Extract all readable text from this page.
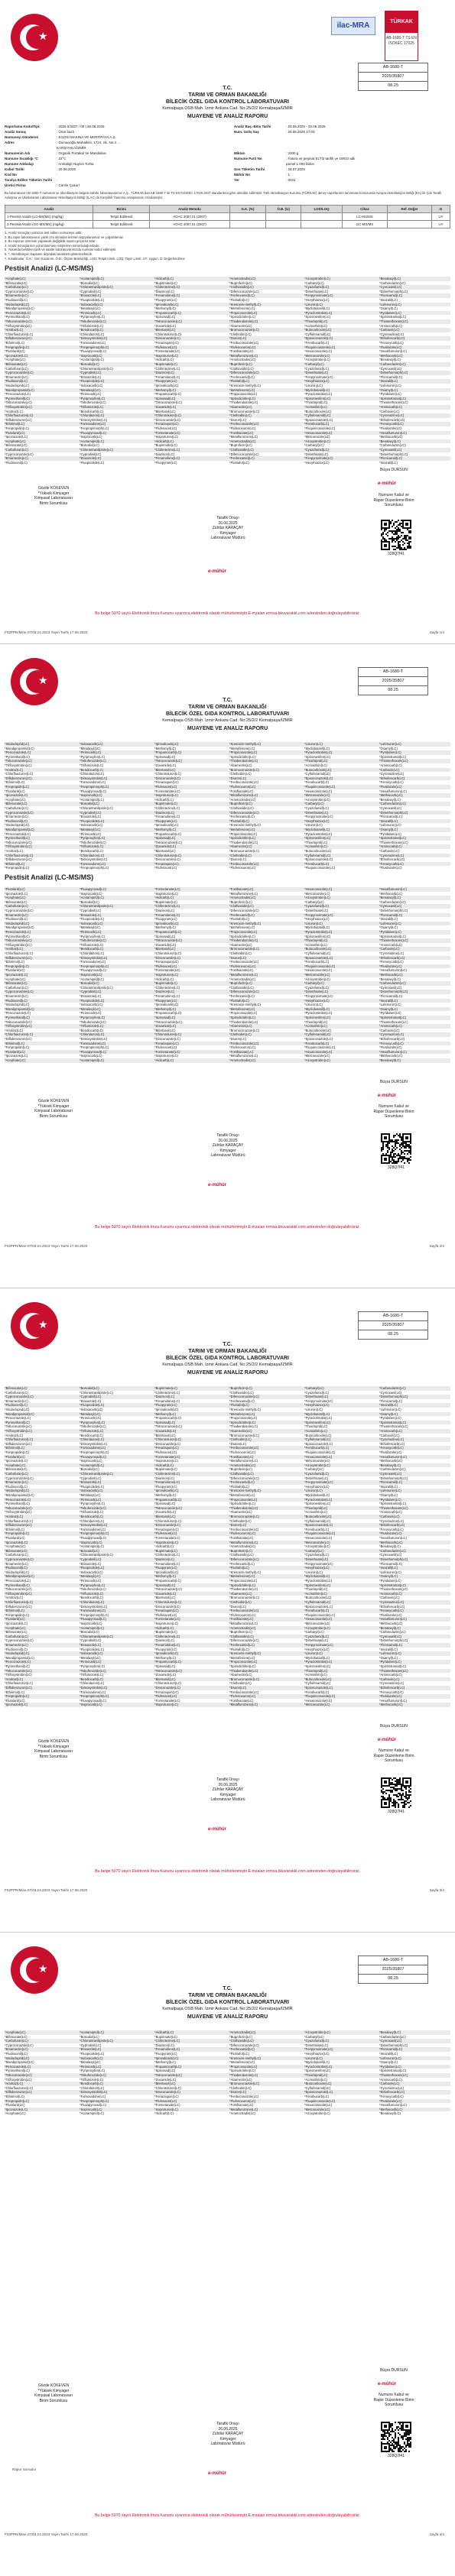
★
ilac-MRA	TÜRKAK
AB-1680-T TS EN ISO/IEC 17025
AB-1680-T
2025/35807
08.25
T.C.
TARIM VE ORMAN BAKANLIĞI
BİLECİK ÖZEL GIDA KONTROL LABORATUVARI
Kemalpaşa OSB Mah. İzmir Ankara Cad. No:25/2/2 Kemalpaşa/İZMİR
MUAYENE VE ANALİZ RAPORU
Raporlama Kodu/Tipi:	: 2025.0/3227 / 00 | 26.06.2025
Analiz Sonuç	: Ürün bazlı
Numuneyi Gönderen	: EGOSİ MAKINA VE MERTİPAYA A.Ş.
Adres	: Dumanoğlu Mahallesi, 1724. Sk. No:4 ...
KARŞIYAKA/İZMİR
Numunenin Adı	: Organik Portakal Ve Mandalina
Numune Sıcaklığı °C	: 22°C
Numune Ambalajı	: Ambalajlı Naylon Torba
Kabul Tarihi	: 20.06.2025
Kod No	:
Tarafça Edilen Tüketim Tarihi :
Üretici Firma	: Cümle Çukurl
Analiz Baş.-Bitiş Tarihi	: 20.06.2025 - 25.06.2025
Num. Geliş Saş	: 20.06.2025 17:03
Miktarı	: 2000 g
Numune Parti No	: Fatura ve peşinat ELTİ2 tarihli ve 18910 adlı
parsel 1.000 bidon
Son Tüketim Tarihi	: 26.07.2025
Mühür No	: 1
Yer	: 0022
Bu laboratuvar AB-1680-T numaralı ve akreditasyon belgesi sahibi, laboratuvarımız A.Ş., TÜRKAK'dan AB-1680-T ile TS EN ISO/IEC 17025:2017 standardına göre akredite edilmiştir. Türk Akreditasyon Kurumu (TÜRKAK) deney raporlarının tanınması konusunda Avrupa Akreditasyon Birliği (EA) ile Çok Taraflı Anlaşma ve Uluslararası Laboratuvar Akreditasyon Birliği (ILAC) ile Karşılıklı Tanınma Anlaşmasını imzalamıştır.
Analiz	Birimi	Analiz Metodu	G.K. (%)	Ö.B. (U)	LOD/LOQ	Cihaz	Ref. Değer	D
1-Pestisit Analizi (LC-MS/MS) (mg/kg)	Tespit Edilmedi	AOAC 2007.01 (2007)				LC-MS/MS		UY
2-Pestisit Analizi (GC-MS/MS) (mg/kg)	Tespit Edilmedi	AOAC 2007.01 (2007)				GC-MS/MS		UY
1. Analiz sonuçları yalnızca test edilen numuneye aittir.
2. Bu rapor laboratuvarın yazılı izni olmadan kısmen kopyalanamaz ve çoğaltılamaz.
3. Bu raporun üzerinde yapılacak değişiklik raporu geçersiz kılar.
4. Analiz sonuçlarının yorumlanması müşterinin sorumluluğundadır.
5. Yukarıda belirtilen tarih ve saatte laboratuvarımızda numune kabul edilmiştir.
6. *: Akreditasyon kapsamı dışındaki analizleri göstermektedir.
7. Kısaltmalar: G.K.: Geri Kazanım, Ö.B.: Ölçüm Belirsizliği, LOD: Tespit Limiti, LOQ: Tayin Limiti, UY: Uygun, D: Değerlendirme
Pestisit Analizi (LC-MS/MS)
*Acephate(LC)	*Acetamiprid(LC)	*Aldicarb(LC)	*Ametoctradin(LC)	*Azoxystrobin(LC)	*Benalaxyl(LC)
*Bifenazate(LC)	*Boscalid(LC)	*Bupirimate(LC)	*Buprofezin(LC)	*Carbaryl(LC)	*Carbendazim(LC)
*Carbofuran(LC)	*Chlorantraniliprole(LC)	*Clofentezine(LC)	*Clothianidin(LC)	*Cyazofamid(LC)	*Cymoxanil(LC)
*Cyproconazole(LC)	*Cyprodinil(LC)	*Diazinon(LC)	*Difenoconazole(LC)	*Dimethoate(LC)	*Dimethomorph(LC)
*Emamectin(LC)	*Etoxazole(LC)	*Fenamidone(LC)	*Fenhexamid(LC)	*Fenpyroximate(LC)	*Flonicamid(LC)
*Fludioxonil(LC)	*Fluopicolide(LC)	*Fluopyram(LC)	*Flutriafol(LC)	*Hexythiazox(LC)	*Imazalil(LC)
*Imidacloprid(LC)	*Indoxacarb(LC)	*Iprovalicarb(LC)	*Kresoxim-methyl(LC)	*Linuron(LC)	*Lufenuron(LC)
*Mandipropamid(LC)	*Metalaxyl(LC)	*Methomyl(LC)	*Metrafenone(LC)	*Myclobutanil(LC)	*Oxamyl(LC)
*Penconazole(LC)	*Pirimicarb(LC)	*Propamocarb(LC)	*Propiconazole(LC)	*Pyraclostrobin(LC)	*Pyridaben(LC)
*Pyrimethanil(LC)	*Pyriproxyfen(LC)	*Spinosad(LC)	*Spirodiclofen(LC)	*Spiromesifen(LC)	*Spirotetramat(LC)
*Tebuconazole(LC)	*Tebufenozide(LC)	*Tetraconazole(LC)	*Thiabendazole(LC)	*Thiacloprid(LC)	*Thiamethoxam(LC)
*Trifloxystrobin(LC)	*Triflumizole(LC)	*Zoxamide(LC)	*Abamectin(LC)	*Acrinathrin(LC)	*Aminocarb(LC)
*Amitraz(LC)	*Bendiocarb(LC)	*Bitertanol(LC)	*Bromuconazole(LC)	*Butocarboxim(LC)	*Carboxin(LC)
*Chlorfluazuron(LC)	*Chloridazon(LC)	*Chlorotoluron(LC)	*Clethodim(LC)	*Cyflufenamid(LC)	*Cyromazine(LC)
*Diflubenzuron(LC)	*Dimoxystrobin(LC)	*Diniconazole(LC)	*Diuron(LC)	*Epoxiconazole(LC)	*Ethiofencarb(LC)
*Ethirimol(LC)	*Famoxadone(LC)	*Fenazaquin(LC)	*Fenbuconazole(LC)	*Fenobucarb(LC)	*Fenoxycarb(LC)
*Fenpropidin(LC)	*Fenpropimorph(LC)	*Flufenacet(LC)	*Flufenoxuron(LC)	*Fluquinconazole(LC)	*Flusilazole(LC)
*Flutolanil(LC)	*Fluxapyroxad(LC)	*Formetanate(LC)	*Fosthiazate(LC)	*Hexaconazole(LC)	*Hexaflumuron(LC)
*Ipconazole(LC)	*Isoprocarb(LC)	*Isoproturon(LC)	*Metaflumizone(LC)	*Metconazole(LC)	*Methiocarb(LC)
*Acephate(LC)	*Acetamiprid(LC)	*Aldicarb(LC)	*Ametoctradin(LC)	*Azoxystrobin(LC)	*Benalaxyl(LC)
*Bifenazate(LC)	*Boscalid(LC)	*Bupirimate(LC)	*Buprofezin(LC)	*Carbaryl(LC)	*Carbendazim(LC)
*Carbofuran(LC)	*Chlorantraniliprole(LC)	*Clofentezine(LC)	*Clothianidin(LC)	*Cyazofamid(LC)	*Cymoxanil(LC)
*Cyproconazole(LC)	*Cyprodinil(LC)	*Diazinon(LC)	*Difenoconazole(LC)	*Dimethoate(LC)	*Dimethomorph(LC)
*Emamectin(LC)	*Etoxazole(LC)	*Fenamidone(LC)	*Fenhexamid(LC)	*Fenpyroximate(LC)	*Flonicamid(LC)
*Fludioxonil(LC)	*Fluopicolide(LC)	*Fluopyram(LC)	*Flutriafol(LC)	*Hexythiazox(LC)	*Imazalil(LC)
*Imidacloprid(LC)	*Indoxacarb(LC)	*Iprovalicarb(LC)	*Kresoxim-methyl(LC)	*Linuron(LC)	*Lufenuron(LC)
*Mandipropamid(LC)	*Metalaxyl(LC)	*Methomyl(LC)	*Metrafenone(LC)	*Myclobutanil(LC)	*Oxamyl(LC)
*Penconazole(LC)	*Pirimicarb(LC)	*Propamocarb(LC)	*Propiconazole(LC)	*Pyraclostrobin(LC)	*Pyridaben(LC)
*Pyrimethanil(LC)	*Pyriproxyfen(LC)	*Spinosad(LC)	*Spirodiclofen(LC)	*Spiromesifen(LC)	*Spirotetramat(LC)
*Tebuconazole(LC)	*Tebufenozide(LC)	*Tetraconazole(LC)	*Thiabendazole(LC)	*Thiacloprid(LC)	*Thiamethoxam(LC)
*Trifloxystrobin(LC)	*Triflumizole(LC)	*Zoxamide(LC)	*Abamectin(LC)	*Acrinathrin(LC)	*Aminocarb(LC)
*Amitraz(LC)	*Bendiocarb(LC)	*Bitertanol(LC)	*Bromuconazole(LC)	*Butocarboxim(LC)	*Carboxin(LC)
*Chlorfluazuron(LC)	*Chloridazon(LC)	*Chlorotoluron(LC)	*Clethodim(LC)	*Cyflufenamid(LC)	*Cyromazine(LC)
*Diflubenzuron(LC)	*Dimoxystrobin(LC)	*Diniconazole(LC)	*Diuron(LC)	*Epoxiconazole(LC)	*Ethiofencarb(LC)
*Ethirimol(LC)	*Famoxadone(LC)	*Fenazaquin(LC)	*Fenbuconazole(LC)	*Fenobucarb(LC)	*Fenoxycarb(LC)
*Fenpropidin(LC)	*Fenpropimorph(LC)	*Flufenacet(LC)	*Flufenoxuron(LC)	*Fluquinconazole(LC)	*Flusilazole(LC)
*Flutolanil(LC)	*Fluxapyroxad(LC)	*Formetanate(LC)	*Fosthiazate(LC)	*Hexaconazole(LC)	*Hexaflumuron(LC)
*Ipconazole(LC)	*Isoprocarb(LC)	*Isoproturon(LC)	*Metaflumizone(LC)	*Metconazole(LC)	*Methiocarb(LC)
*Acephate(LC)	*Acetamiprid(LC)	*Aldicarb(LC)	*Ametoctradin(LC)	*Azoxystrobin(LC)	*Benalaxyl(LC)
*Bifenazate(LC)	*Boscalid(LC)	*Bupirimate(LC)	*Buprofezin(LC)	*Carbaryl(LC)	*Carbendazim(LC)
*Carbofuran(LC)	*Chlorantraniliprole(LC)	*Clofentezine(LC)	*Clothianidin(LC)	*Cyazofamid(LC)	*Cymoxanil(LC)
*Cyproconazole(LC)	*Cyprodinil(LC)	*Diazinon(LC)	*Difenoconazole(LC)	*Dimethoate(LC)	*Dimethomorph(LC)
*Emamectin(LC)	*Etoxazole(LC)	*Fenamidone(LC)	*Fenhexamid(LC)	*Fenpyroximate(LC)	*Flonicamid(LC)
*Fludioxonil(LC)	*Fluopicolide(LC)	*Fluopyram(LC)	*Flutriafol(LC)	*Hexythiazox(LC)	*Imazalil(LC)
Gözde KÖKEVEN
*Yüksek Kimyager
Kimyasal Laboratuvarı
Birim Sorumlusu
Tarafik Onayı
26.06.2025
Zühtlar KARAÇAY
Kimyager
Laboratuvar Müdürü
Büşra DURSUN
e-mühür
Numune Kabul ve
Rapor Düzenleme Birim
Sorumlusu
328Q7f41
e-mühür
Bu belge 5070 sayılı Elektronik İmza Kanunu uyarınca elektronik olarak mühürlenmiştir.E-mzalan ermsa.bkuvarakkl.com adresinden doğrulayabilirsiniz.
F02PPR/Mine.07/03.24.2023 Yayın Tarihi 17.06.2020	Sayfa 1/4
★
AB-1680-T
2025/35807
08.25
T.C.
TARIM VE ORMAN BAKANLIĞI
BİLECİK ÖZEL GIDA KONTROL LABORATUVARI
Kemalpaşa OSB Mah. İzmir Ankara Cad. No:25/2/2 Kemalpaşa/İZMİR
MUAYENE VE ANALİZ RAPORU
*Imidacloprid(LC)	*Indoxacarb(LC)	*Iprovalicarb(LC)	*Kresoxim-methyl(LC)	*Linuron(LC)	*Lufenuron(LC)
*Mandipropamid(LC)	*Metalaxyl(LC)	*Methomyl(LC)	*Metrafenone(LC)	*Myclobutanil(LC)	*Oxamyl(LC)
*Penconazole(LC)	*Pirimicarb(LC)	*Propamocarb(LC)	*Propiconazole(LC)	*Pyraclostrobin(LC)	*Pyridaben(LC)
*Pyrimethanil(LC)	*Pyriproxyfen(LC)	*Spinosad(LC)	*Spirodiclofen(LC)	*Spiromesifen(LC)	*Spirotetramat(LC)
*Tebuconazole(LC)	*Tebufenozide(LC)	*Tetraconazole(LC)	*Thiabendazole(LC)	*Thiacloprid(LC)	*Thiamethoxam(LC)
*Trifloxystrobin(LC)	*Triflumizole(LC)	*Zoxamide(LC)	*Abamectin(LC)	*Acrinathrin(LC)	*Aminocarb(LC)
*Amitraz(LC)	*Bendiocarb(LC)	*Bitertanol(LC)	*Bromuconazole(LC)	*Butocarboxim(LC)	*Carboxin(LC)
*Chlorfluazuron(LC)	*Chloridazon(LC)	*Chlorotoluron(LC)	*Clethodim(LC)	*Cyflufenamid(LC)	*Cyromazine(LC)
*Diflubenzuron(LC)	*Dimoxystrobin(LC)	*Diniconazole(LC)	*Diuron(LC)	*Epoxiconazole(LC)	*Ethiofencarb(LC)
*Ethirimol(LC)	*Famoxadone(LC)	*Fenazaquin(LC)	*Fenbuconazole(LC)	*Fenobucarb(LC)	*Fenoxycarb(LC)
*Fenpropidin(LC)	*Fenpropimorph(LC)	*Flufenacet(LC)	*Flufenoxuron(LC)	*Fluquinconazole(LC)	*Flusilazole(LC)
*Flutolanil(LC)	*Fluxapyroxad(LC)	*Formetanate(LC)	*Fosthiazate(LC)	*Hexaconazole(LC)	*Hexaflumuron(LC)
*Ipconazole(LC)	*Isoprocarb(LC)	*Isoproturon(LC)	*Metaflumizone(LC)	*Metconazole(LC)	*Methiocarb(LC)
*Acephate(LC)	*Acetamiprid(LC)	*Aldicarb(LC)	*Ametoctradin(LC)	*Azoxystrobin(LC)	*Benalaxyl(LC)
*Bifenazate(LC)	*Boscalid(LC)	*Bupirimate(LC)	*Buprofezin(LC)	*Carbaryl(LC)	*Carbendazim(LC)
*Carbofuran(LC)	*Chlorantraniliprole(LC)	*Clofentezine(LC)	*Clothianidin(LC)	*Cyazofamid(LC)	*Cymoxanil(LC)
*Cyproconazole(LC)	*Cyprodinil(LC)	*Diazinon(LC)	*Difenoconazole(LC)	*Dimethoate(LC)	*Dimethomorph(LC)
*Emamectin(LC)	*Etoxazole(LC)	*Fenamidone(LC)	*Fenhexamid(LC)	*Fenpyroximate(LC)	*Flonicamid(LC)
*Fludioxonil(LC)	*Fluopicolide(LC)	*Fluopyram(LC)	*Flutriafol(LC)	*Hexythiazox(LC)	*Imazalil(LC)
*Imidacloprid(LC)	*Indoxacarb(LC)	*Iprovalicarb(LC)	*Kresoxim-methyl(LC)	*Linuron(LC)	*Lufenuron(LC)
*Mandipropamid(LC)	*Metalaxyl(LC)	*Methomyl(LC)	*Metrafenone(LC)	*Myclobutanil(LC)	*Oxamyl(LC)
*Penconazole(LC)	*Pirimicarb(LC)	*Propamocarb(LC)	*Propiconazole(LC)	*Pyraclostrobin(LC)	*Pyridaben(LC)
*Pyrimethanil(LC)	*Pyriproxyfen(LC)	*Spinosad(LC)	*Spirodiclofen(LC)	*Spiromesifen(LC)	*Spirotetramat(LC)
*Tebuconazole(LC)	*Tebufenozide(LC)	*Tetraconazole(LC)	*Thiabendazole(LC)	*Thiacloprid(LC)	*Thiamethoxam(LC)
*Trifloxystrobin(LC)	*Triflumizole(LC)	*Zoxamide(LC)	*Abamectin(LC)	*Acrinathrin(LC)	*Aminocarb(LC)
*Amitraz(LC)	*Bendiocarb(LC)	*Bitertanol(LC)	*Bromuconazole(LC)	*Butocarboxim(LC)	*Carboxin(LC)
*Chlorfluazuron(LC)	*Chloridazon(LC)	*Chlorotoluron(LC)	*Clethodim(LC)	*Cyflufenamid(LC)	*Cyromazine(LC)
*Diflubenzuron(LC)	*Dimoxystrobin(LC)	*Diniconazole(LC)	*Diuron(LC)	*Epoxiconazole(LC)	*Ethiofencarb(LC)
*Ethirimol(LC)	*Famoxadone(LC)	*Fenazaquin(LC)	*Fenbuconazole(LC)	*Fenobucarb(LC)	*Fenoxycarb(LC)
*Fenpropidin(LC)	*Fenpropimorph(LC)	*Flufenacet(LC)	*Flufenoxuron(LC)	*Fluquinconazole(LC)	*Flusilazole(LC)
Pestisit Analizi (LC-MS/MS)
*Flutolanil(LC)	*Fluxapyroxad(LC)	*Formetanate(LC)	*Fosthiazate(LC)	*Hexaconazole(LC)	*Hexaflumuron(LC)
*Ipconazole(LC)	*Isoprocarb(LC)	*Isoproturon(LC)	*Metaflumizone(LC)	*Metconazole(LC)	*Methiocarb(LC)
*Acephate(LC)	*Acetamiprid(LC)	*Aldicarb(LC)	*Ametoctradin(LC)	*Azoxystrobin(LC)	*Benalaxyl(LC)
*Bifenazate(LC)	*Boscalid(LC)	*Bupirimate(LC)	*Buprofezin(LC)	*Carbaryl(LC)	*Carbendazim(LC)
*Carbofuran(LC)	*Chlorantraniliprole(LC)	*Clofentezine(LC)	*Clothianidin(LC)	*Cyazofamid(LC)	*Cymoxanil(LC)
*Cyproconazole(LC)	*Cyprodinil(LC)	*Diazinon(LC)	*Difenoconazole(LC)	*Dimethoate(LC)	*Dimethomorph(LC)
*Emamectin(LC)	*Etoxazole(LC)	*Fenamidone(LC)	*Fenhexamid(LC)	*Fenpyroximate(LC)	*Flonicamid(LC)
*Fludioxonil(LC)	*Fluopicolide(LC)	*Fluopyram(LC)	*Flutriafol(LC)	*Hexythiazox(LC)	*Imazalil(LC)
*Imidacloprid(LC)	*Indoxacarb(LC)	*Iprovalicarb(LC)	*Kresoxim-methyl(LC)	*Linuron(LC)	*Lufenuron(LC)
*Mandipropamid(LC)	*Metalaxyl(LC)	*Methomyl(LC)	*Metrafenone(LC)	*Myclobutanil(LC)	*Oxamyl(LC)
*Penconazole(LC)	*Pirimicarb(LC)	*Propamocarb(LC)	*Propiconazole(LC)	*Pyraclostrobin(LC)	*Pyridaben(LC)
*Pyrimethanil(LC)	*Pyriproxyfen(LC)	*Spinosad(LC)	*Spirodiclofen(LC)	*Spiromesifen(LC)	*Spirotetramat(LC)
*Tebuconazole(LC)	*Tebufenozide(LC)	*Tetraconazole(LC)	*Thiabendazole(LC)	*Thiacloprid(LC)	*Thiamethoxam(LC)
*Trifloxystrobin(LC)	*Triflumizole(LC)	*Zoxamide(LC)	*Abamectin(LC)	*Acrinathrin(LC)	*Aminocarb(LC)
*Amitraz(LC)	*Bendiocarb(LC)	*Bitertanol(LC)	*Bromuconazole(LC)	*Butocarboxim(LC)	*Carboxin(LC)
*Chlorfluazuron(LC)	*Chloridazon(LC)	*Chlorotoluron(LC)	*Clethodim(LC)	*Cyflufenamid(LC)	*Cyromazine(LC)
*Diflubenzuron(LC)	*Dimoxystrobin(LC)	*Diniconazole(LC)	*Diuron(LC)	*Epoxiconazole(LC)	*Ethiofencarb(LC)
*Ethirimol(LC)	*Famoxadone(LC)	*Fenazaquin(LC)	*Fenbuconazole(LC)	*Fenobucarb(LC)	*Fenoxycarb(LC)
*Fenpropidin(LC)	*Fenpropimorph(LC)	*Flufenacet(LC)	*Flufenoxuron(LC)	*Fluquinconazole(LC)	*Flusilazole(LC)
*Flutolanil(LC)	*Fluxapyroxad(LC)	*Formetanate(LC)	*Fosthiazate(LC)	*Hexaconazole(LC)	*Hexaflumuron(LC)
*Ipconazole(LC)	*Isoprocarb(LC)	*Isoproturon(LC)	*Metaflumizone(LC)	*Metconazole(LC)	*Methiocarb(LC)
*Acephate(LC)	*Acetamiprid(LC)	*Aldicarb(LC)	*Ametoctradin(LC)	*Azoxystrobin(LC)	*Benalaxyl(LC)
*Bifenazate(LC)	*Boscalid(LC)	*Bupirimate(LC)	*Buprofezin(LC)	*Carbaryl(LC)	*Carbendazim(LC)
*Carbofuran(LC)	*Chlorantraniliprole(LC)	*Clofentezine(LC)	*Clothianidin(LC)	*Cyazofamid(LC)	*Cymoxanil(LC)
*Cyproconazole(LC)	*Cyprodinil(LC)	*Diazinon(LC)	*Difenoconazole(LC)	*Dimethoate(LC)	*Dimethomorph(LC)
*Emamectin(LC)	*Etoxazole(LC)	*Fenamidone(LC)	*Fenhexamid(LC)	*Fenpyroximate(LC)	*Flonicamid(LC)
*Fludioxonil(LC)	*Fluopicolide(LC)	*Fluopyram(LC)	*Flutriafol(LC)	*Hexythiazox(LC)	*Imazalil(LC)
*Imidacloprid(LC)	*Indoxacarb(LC)	*Iprovalicarb(LC)	*Kresoxim-methyl(LC)	*Linuron(LC)	*Lufenuron(LC)
*Mandipropamid(LC)	*Metalaxyl(LC)	*Methomyl(LC)	*Metrafenone(LC)	*Myclobutanil(LC)	*Oxamyl(LC)
*Penconazole(LC)	*Pirimicarb(LC)	*Propamocarb(LC)	*Propiconazole(LC)	*Pyraclostrobin(LC)	*Pyridaben(LC)
*Pyrimethanil(LC)	*Pyriproxyfen(LC)	*Spinosad(LC)	*Spirodiclofen(LC)	*Spiromesifen(LC)	*Spirotetramat(LC)
*Tebuconazole(LC)	*Tebufenozide(LC)	*Tetraconazole(LC)	*Thiabendazole(LC)	*Thiacloprid(LC)	*Thiamethoxam(LC)
*Trifloxystrobin(LC)	*Triflumizole(LC)	*Zoxamide(LC)	*Abamectin(LC)	*Acrinathrin(LC)	*Aminocarb(LC)
*Amitraz(LC)	*Bendiocarb(LC)	*Bitertanol(LC)	*Bromuconazole(LC)	*Butocarboxim(LC)	*Carboxin(LC)
*Chlorfluazuron(LC)	*Chloridazon(LC)	*Chlorotoluron(LC)	*Clethodim(LC)	*Cyflufenamid(LC)	*Cyromazine(LC)
*Diflubenzuron(LC)	*Dimoxystrobin(LC)	*Diniconazole(LC)	*Diuron(LC)	*Epoxiconazole(LC)	*Ethiofencarb(LC)
*Ethirimol(LC)	*Famoxadone(LC)	*Fenazaquin(LC)	*Fenbuconazole(LC)	*Fenobucarb(LC)	*Fenoxycarb(LC)
*Fenpropidin(LC)	*Fenpropimorph(LC)	*Flufenacet(LC)	*Flufenoxuron(LC)	*Fluquinconazole(LC)	*Flusilazole(LC)
*Flutolanil(LC)	*Fluxapyroxad(LC)	*Formetanate(LC)	*Fosthiazate(LC)	*Hexaconazole(LC)	*Hexaflumuron(LC)
*Ipconazole(LC)	*Isoprocarb(LC)	*Isoproturon(LC)	*Metaflumizone(LC)	*Metconazole(LC)	*Methiocarb(LC)
*Acephate(LC)	*Acetamiprid(LC)	*Aldicarb(LC)	*Ametoctradin(LC)	*Azoxystrobin(LC)	*Benalaxyl(LC)
Gözde KÖKEVEN
*Yüksek Kimyager
Kimyasal Laboratuvarı
Birim Sorumlusu
Tarafik Onayı
26.06.2025
Zühtlar KARAÇAY
Kimyager
Laboratuvar Müdürü
Büşra DURSUN
e-mühür
Numune Kabul ve
Rapor Düzenleme Birim
Sorumlusu
328Q7f41
e-mühür
Bu belge 5070 sayılı Elektronik İmza Kanunu uyarınca elektronik olarak mühürlenmiştir.E-mzalan ermsa.bkuvarakkl.com adresinden doğrulayabilirsiniz.
F02PPR/Mine.07/03.24.2023 Yayın Tarihi 17.06.2020	Sayfa 2/4
★
AB-1680-T
2025/35807
08.25
T.C.
TARIM VE ORMAN BAKANLIĞI
BİLECİK ÖZEL GIDA KONTROL LABORATUVARI
Kemalpaşa OSB Mah. İzmir Ankara Cad. No:25/2/2 Kemalpaşa/İZMİR
MUAYENE VE ANALİZ RAPORU
*Bifenazate(LC)	*Boscalid(LC)	*Bupirimate(LC)	*Buprofezin(LC)	*Carbaryl(LC)	*Carbendazim(LC)
*Carbofuran(LC)	*Chlorantraniliprole(LC)	*Clofentezine(LC)	*Clothianidin(LC)	*Cyazofamid(LC)	*Cymoxanil(LC)
*Cyproconazole(LC)	*Cyprodinil(LC)	*Diazinon(LC)	*Difenoconazole(LC)	*Dimethoate(LC)	*Dimethomorph(LC)
*Emamectin(LC)	*Etoxazole(LC)	*Fenamidone(LC)	*Fenhexamid(LC)	*Fenpyroximate(LC)	*Flonicamid(LC)
*Fludioxonil(LC)	*Fluopicolide(LC)	*Fluopyram(LC)	*Flutriafol(LC)	*Hexythiazox(LC)	*Imazalil(LC)
*Imidacloprid(LC)	*Indoxacarb(LC)	*Iprovalicarb(LC)	*Kresoxim-methyl(LC)	*Linuron(LC)	*Lufenuron(LC)
*Mandipropamid(LC)	*Metalaxyl(LC)	*Methomyl(LC)	*Metrafenone(LC)	*Myclobutanil(LC)	*Oxamyl(LC)
*Penconazole(LC)	*Pirimicarb(LC)	*Propamocarb(LC)	*Propiconazole(LC)	*Pyraclostrobin(LC)	*Pyridaben(LC)
*Pyrimethanil(LC)	*Pyriproxyfen(LC)	*Spinosad(LC)	*Spirodiclofen(LC)	*Spiromesifen(LC)	*Spirotetramat(LC)
*Tebuconazole(LC)	*Tebufenozide(LC)	*Tetraconazole(LC)	*Thiabendazole(LC)	*Thiacloprid(LC)	*Thiamethoxam(LC)
*Trifloxystrobin(LC)	*Triflumizole(LC)	*Zoxamide(LC)	*Abamectin(LC)	*Acrinathrin(LC)	*Aminocarb(LC)
*Amitraz(LC)	*Bendiocarb(LC)	*Bitertanol(LC)	*Bromuconazole(LC)	*Butocarboxim(LC)	*Carboxin(LC)
*Chlorfluazuron(LC)	*Chloridazon(LC)	*Chlorotoluron(LC)	*Clethodim(LC)	*Cyflufenamid(LC)	*Cyromazine(LC)
*Diflubenzuron(LC)	*Dimoxystrobin(LC)	*Diniconazole(LC)	*Diuron(LC)	*Epoxiconazole(LC)	*Ethiofencarb(LC)
*Ethirimol(LC)	*Famoxadone(LC)	*Fenazaquin(LC)	*Fenbuconazole(LC)	*Fenobucarb(LC)	*Fenoxycarb(LC)
*Fenpropidin(LC)	*Fenpropimorph(LC)	*Flufenacet(LC)	*Flufenoxuron(LC)	*Fluquinconazole(LC)	*Flusilazole(LC)
*Flutolanil(LC)	*Fluxapyroxad(LC)	*Formetanate(LC)	*Fosthiazate(LC)	*Hexaconazole(LC)	*Hexaflumuron(LC)
*Ipconazole(LC)	*Isoprocarb(LC)	*Isoproturon(LC)	*Metaflumizone(LC)	*Metconazole(LC)	*Methiocarb(LC)
*Acephate(LC)	*Acetamiprid(LC)	*Aldicarb(LC)	*Ametoctradin(LC)	*Azoxystrobin(LC)	*Benalaxyl(LC)
*Bifenazate(LC)	*Boscalid(LC)	*Bupirimate(LC)	*Buprofezin(LC)	*Carbaryl(LC)	*Carbendazim(LC)
*Carbofuran(LC)	*Chlorantraniliprole(LC)	*Clofentezine(LC)	*Clothianidin(LC)	*Cyazofamid(LC)	*Cymoxanil(LC)
*Cyproconazole(LC)	*Cyprodinil(LC)	*Diazinon(LC)	*Difenoconazole(LC)	*Dimethoate(LC)	*Dimethomorph(LC)
*Emamectin(LC)	*Etoxazole(LC)	*Fenamidone(LC)	*Fenhexamid(LC)	*Fenpyroximate(LC)	*Flonicamid(LC)
*Fludioxonil(LC)	*Fluopicolide(LC)	*Fluopyram(LC)	*Flutriafol(LC)	*Hexythiazox(LC)	*Imazalil(LC)
*Imidacloprid(LC)	*Indoxacarb(LC)	*Iprovalicarb(LC)	*Kresoxim-methyl(LC)	*Linuron(LC)	*Lufenuron(LC)
*Mandipropamid(LC)	*Metalaxyl(LC)	*Methomyl(LC)	*Metrafenone(LC)	*Myclobutanil(LC)	*Oxamyl(LC)
*Penconazole(LC)	*Pirimicarb(LC)	*Propamocarb(LC)	*Propiconazole(LC)	*Pyraclostrobin(LC)	*Pyridaben(LC)
*Pyrimethanil(LC)	*Pyriproxyfen(LC)	*Spinosad(LC)	*Spirodiclofen(LC)	*Spiromesifen(LC)	*Spirotetramat(LC)
*Tebuconazole(LC)	*Tebufenozide(LC)	*Tetraconazole(LC)	*Thiabendazole(LC)	*Thiacloprid(LC)	*Thiamethoxam(LC)
*Trifloxystrobin(LC)	*Triflumizole(LC)	*Zoxamide(LC)	*Abamectin(LC)	*Acrinathrin(LC)	*Aminocarb(LC)
*Amitraz(LC)	*Bendiocarb(LC)	*Bitertanol(LC)	*Bromuconazole(LC)	*Butocarboxim(LC)	*Carboxin(LC)
*Chlorfluazuron(LC)	*Chloridazon(LC)	*Chlorotoluron(LC)	*Clethodim(LC)	*Cyflufenamid(LC)	*Cyromazine(LC)
*Diflubenzuron(LC)	*Dimoxystrobin(LC)	*Diniconazole(LC)	*Diuron(LC)	*Epoxiconazole(LC)	*Ethiofencarb(LC)
*Ethirimol(LC)	*Famoxadone(LC)	*Fenazaquin(LC)	*Fenbuconazole(LC)	*Fenobucarb(LC)	*Fenoxycarb(LC)
*Fenpropidin(LC)	*Fenpropimorph(LC)	*Flufenacet(LC)	*Flufenoxuron(LC)	*Fluquinconazole(LC)	*Flusilazole(LC)
*Flutolanil(LC)	*Fluxapyroxad(LC)	*Formetanate(LC)	*Fosthiazate(LC)	*Hexaconazole(LC)	*Hexaflumuron(LC)
*Ipconazole(LC)	*Isoprocarb(LC)	*Isoproturon(LC)	*Metaflumizone(LC)	*Metconazole(LC)	*Methiocarb(LC)
*Acephate(LC)	*Acetamiprid(LC)	*Aldicarb(LC)	*Ametoctradin(LC)	*Azoxystrobin(LC)	*Benalaxyl(LC)
*Bifenazate(LC)	*Boscalid(LC)	*Bupirimate(LC)	*Buprofezin(LC)	*Carbaryl(LC)	*Carbendazim(LC)
*Carbofuran(LC)	*Chlorantraniliprole(LC)	*Clofentezine(LC)	*Clothianidin(LC)	*Cyazofamid(LC)	*Cymoxanil(LC)
*Cyproconazole(LC)	*Cyprodinil(LC)	*Diazinon(LC)	*Difenoconazole(LC)	*Dimethoate(LC)	*Dimethomorph(LC)
*Emamectin(LC)	*Etoxazole(LC)	*Fenamidone(LC)	*Fenhexamid(LC)	*Fenpyroximate(LC)	*Flonicamid(LC)
*Fludioxonil(LC)	*Fluopicolide(LC)	*Fluopyram(LC)	*Flutriafol(LC)	*Hexythiazox(LC)	*Imazalil(LC)
*Imidacloprid(LC)	*Indoxacarb(LC)	*Iprovalicarb(LC)	*Kresoxim-methyl(LC)	*Linuron(LC)	*Lufenuron(LC)
*Mandipropamid(LC)	*Metalaxyl(LC)	*Methomyl(LC)	*Metrafenone(LC)	*Myclobutanil(LC)	*Oxamyl(LC)
*Penconazole(LC)	*Pirimicarb(LC)	*Propamocarb(LC)	*Propiconazole(LC)	*Pyraclostrobin(LC)	*Pyridaben(LC)
*Pyrimethanil(LC)	*Pyriproxyfen(LC)	*Spinosad(LC)	*Spirodiclofen(LC)	*Spiromesifen(LC)	*Spirotetramat(LC)
*Tebuconazole(LC)	*Tebufenozide(LC)	*Tetraconazole(LC)	*Thiabendazole(LC)	*Thiacloprid(LC)	*Thiamethoxam(LC)
*Trifloxystrobin(LC)	*Triflumizole(LC)	*Zoxamide(LC)	*Abamectin(LC)	*Acrinathrin(LC)	*Aminocarb(LC)
*Amitraz(LC)	*Bendiocarb(LC)	*Bitertanol(LC)	*Bromuconazole(LC)	*Butocarboxim(LC)	*Carboxin(LC)
*Chlorfluazuron(LC)	*Chloridazon(LC)	*Chlorotoluron(LC)	*Clethodim(LC)	*Cyflufenamid(LC)	*Cyromazine(LC)
*Diflubenzuron(LC)	*Dimoxystrobin(LC)	*Diniconazole(LC)	*Diuron(LC)	*Epoxiconazole(LC)	*Ethiofencarb(LC)
*Ethirimol(LC)	*Famoxadone(LC)	*Fenazaquin(LC)	*Fenbuconazole(LC)	*Fenobucarb(LC)	*Fenoxycarb(LC)
*Fenpropidin(LC)	*Fenpropimorph(LC)	*Flufenacet(LC)	*Flufenoxuron(LC)	*Fluquinconazole(LC)	*Flusilazole(LC)
*Flutolanil(LC)	*Fluxapyroxad(LC)	*Formetanate(LC)	*Fosthiazate(LC)	*Hexaconazole(LC)	*Hexaflumuron(LC)
*Ipconazole(LC)	*Isoprocarb(LC)	*Isoproturon(LC)	*Metaflumizone(LC)	*Metconazole(LC)	*Methiocarb(LC)
*Acephate(LC)	*Acetamiprid(LC)	*Aldicarb(LC)	*Ametoctradin(LC)	*Azoxystrobin(LC)	*Benalaxyl(LC)
*Bifenazate(LC)	*Boscalid(LC)	*Bupirimate(LC)	*Buprofezin(LC)	*Carbaryl(LC)	*Carbendazim(LC)
*Carbofuran(LC)	*Chlorantraniliprole(LC)	*Clofentezine(LC)	*Clothianidin(LC)	*Cyazofamid(LC)	*Cymoxanil(LC)
*Cyproconazole(LC)	*Cyprodinil(LC)	*Diazinon(LC)	*Difenoconazole(LC)	*Dimethoate(LC)	*Dimethomorph(LC)
*Emamectin(LC)	*Etoxazole(LC)	*Fenamidone(LC)	*Fenhexamid(LC)	*Fenpyroximate(LC)	*Flonicamid(LC)
*Fludioxonil(LC)	*Fluopicolide(LC)	*Fluopyram(LC)	*Flutriafol(LC)	*Hexythiazox(LC)	*Imazalil(LC)
*Imidacloprid(LC)	*Indoxacarb(LC)	*Iprovalicarb(LC)	*Kresoxim-methyl(LC)	*Linuron(LC)	*Lufenuron(LC)
*Mandipropamid(LC)	*Metalaxyl(LC)	*Methomyl(LC)	*Metrafenone(LC)	*Myclobutanil(LC)	*Oxamyl(LC)
*Penconazole(LC)	*Pirimicarb(LC)	*Propamocarb(LC)	*Propiconazole(LC)	*Pyraclostrobin(LC)	*Pyridaben(LC)
*Pyrimethanil(LC)	*Pyriproxyfen(LC)	*Spinosad(LC)	*Spirodiclofen(LC)	*Spiromesifen(LC)	*Spirotetramat(LC)
*Tebuconazole(LC)	*Tebufenozide(LC)	*Tetraconazole(LC)	*Thiabendazole(LC)	*Thiacloprid(LC)	*Thiamethoxam(LC)
*Trifloxystrobin(LC)	*Triflumizole(LC)	*Zoxamide(LC)	*Abamectin(LC)	*Acrinathrin(LC)	*Aminocarb(LC)
*Amitraz(LC)	*Bendiocarb(LC)	*Bitertanol(LC)	*Bromuconazole(LC)	*Butocarboxim(LC)	*Carboxin(LC)
*Chlorfluazuron(LC)	*Chloridazon(LC)	*Chlorotoluron(LC)	*Clethodim(LC)	*Cyflufenamid(LC)	*Cyromazine(LC)
*Diflubenzuron(LC)	*Dimoxystrobin(LC)	*Diniconazole(LC)	*Diuron(LC)	*Epoxiconazole(LC)	*Ethiofencarb(LC)
*Ethirimol(LC)	*Famoxadone(LC)	*Fenazaquin(LC)	*Fenbuconazole(LC)	*Fenobucarb(LC)	*Fenoxycarb(LC)
*Fenpropidin(LC)	*Fenpropimorph(LC)	*Flufenacet(LC)	*Flufenoxuron(LC)	*Fluquinconazole(LC)	*Flusilazole(LC)
*Flutolanil(LC)	*Fluxapyroxad(LC)	*Formetanate(LC)	*Fosthiazate(LC)	*Hexaconazole(LC)	*Hexaflumuron(LC)
*Ipconazole(LC)	*Isoprocarb(LC)	*Isoproturon(LC)	*Metaflumizone(LC)	*Metconazole(LC)	*Methiocarb(LC)
Gözde KÖKEVEN
*Yüksek Kimyager
Kimyasal Laboratuvarı
Birim Sorumlusu
Tarafik Onayı
26.06.2025
Zühtlar KARAÇAY
Kimyager
Laboratuvar Müdürü
Büşra DURSUN
e-mühür
Numune Kabul ve
Rapor Düzenleme Birim
Sorumlusu
328Q7f41
e-mühür
Bu belge 5070 sayılı Elektronik İmza Kanunu uyarınca elektronik olarak mühürlenmiştir.E-mzalan ermsa.bkuvarakkl.com adresinden doğrulayabilirsiniz.
F02PPR/Mine.07/03.24.2023 Yayın Tarihi 17.06.2020	Sayfa 3/4
★
AB-1680-T
2025/35807
08.25
T.C.
TARIM VE ORMAN BAKANLIĞI
BİLECİK ÖZEL GIDA KONTROL LABORATUVARI
Kemalpaşa OSB Mah. İzmir Ankara Cad. No:25/2/2 Kemalpaşa/İZMİR
MUAYENE VE ANALİZ RAPORU
*Acephate(LC)	*Acetamiprid(LC)	*Aldicarb(LC)	*Ametoctradin(LC)	*Azoxystrobin(LC)	*Benalaxyl(LC)
*Bifenazate(LC)	*Boscalid(LC)	*Bupirimate(LC)	*Buprofezin(LC)	*Carbaryl(LC)	*Carbendazim(LC)
*Carbofuran(LC)	*Chlorantraniliprole(LC)	*Clofentezine(LC)	*Clothianidin(LC)	*Cyazofamid(LC)	*Cymoxanil(LC)
*Cyproconazole(LC)	*Cyprodinil(LC)	*Diazinon(LC)	*Difenoconazole(LC)	*Dimethoate(LC)	*Dimethomorph(LC)
*Emamectin(LC)	*Etoxazole(LC)	*Fenamidone(LC)	*Fenhexamid(LC)	*Fenpyroximate(LC)	*Flonicamid(LC)
*Fludioxonil(LC)	*Fluopicolide(LC)	*Fluopyram(LC)	*Flutriafol(LC)	*Hexythiazox(LC)	*Imazalil(LC)
*Imidacloprid(LC)	*Indoxacarb(LC)	*Iprovalicarb(LC)	*Kresoxim-methyl(LC)	*Linuron(LC)	*Lufenuron(LC)
*Mandipropamid(LC)	*Metalaxyl(LC)	*Methomyl(LC)	*Metrafenone(LC)	*Myclobutanil(LC)	*Oxamyl(LC)
*Penconazole(LC)	*Pirimicarb(LC)	*Propamocarb(LC)	*Propiconazole(LC)	*Pyraclostrobin(LC)	*Pyridaben(LC)
*Pyrimethanil(LC)	*Pyriproxyfen(LC)	*Spinosad(LC)	*Spirodiclofen(LC)	*Spiromesifen(LC)	*Spirotetramat(LC)
*Tebuconazole(LC)	*Tebufenozide(LC)	*Tetraconazole(LC)	*Thiabendazole(LC)	*Thiacloprid(LC)	*Thiamethoxam(LC)
*Trifloxystrobin(LC)	*Triflumizole(LC)	*Zoxamide(LC)	*Abamectin(LC)	*Acrinathrin(LC)	*Aminocarb(LC)
*Amitraz(LC)	*Bendiocarb(LC)	*Bitertanol(LC)	*Bromuconazole(LC)	*Butocarboxim(LC)	*Carboxin(LC)
*Chlorfluazuron(LC)	*Chloridazon(LC)	*Chlorotoluron(LC)	*Clethodim(LC)	*Cyflufenamid(LC)	*Cyromazine(LC)
*Diflubenzuron(LC)	*Dimoxystrobin(LC)	*Diniconazole(LC)	*Diuron(LC)	*Epoxiconazole(LC)	*Ethiofencarb(LC)
*Ethirimol(LC)	*Famoxadone(LC)	*Fenazaquin(LC)	*Fenbuconazole(LC)	*Fenobucarb(LC)	*Fenoxycarb(LC)
*Fenpropidin(LC)	*Fenpropimorph(LC)	*Flufenacet(LC)	*Flufenoxuron(LC)	*Fluquinconazole(LC)	*Flusilazole(LC)
*Flutolanil(LC)	*Fluxapyroxad(LC)	*Formetanate(LC)	*Fosthiazate(LC)	*Hexaconazole(LC)	*Hexaflumuron(LC)
*Ipconazole(LC)	*Isoprocarb(LC)	*Isoproturon(LC)	*Metaflumizone(LC)	*Metconazole(LC)	*Methiocarb(LC)
*Acephate(LC)	*Acetamiprid(LC)	*Aldicarb(LC)	*Ametoctradin(LC)	*Azoxystrobin(LC)	*Benalaxyl(LC)
Gözde KÖKEVEN
*Yüksek Kimyager
Kimyasal Laboratuvarı
Birim Sorumlusu
Tarafik Onayı
26.06.2025
Zühtlar KARAÇAY
Kimyager
Laboratuvar Müdürü
Büşra DURSUN
e-mühür
Numune Kabul ve
Rapor Düzenleme Birim
Sorumlusu
328Q7f41
Rapor Sonudur
e-mühür
Bu belge 5070 sayılı Elektronik İmza Kanunu uyarınca elektronik olarak mühürlenmiştir.E-mzalan ermsa.bkuvarakkl.com adresinden doğrulayabilirsiniz.
F02PPR/Mine.07/03.24.2023 Yayın Tarihi 17.06.2020	Sayfa 4/4
